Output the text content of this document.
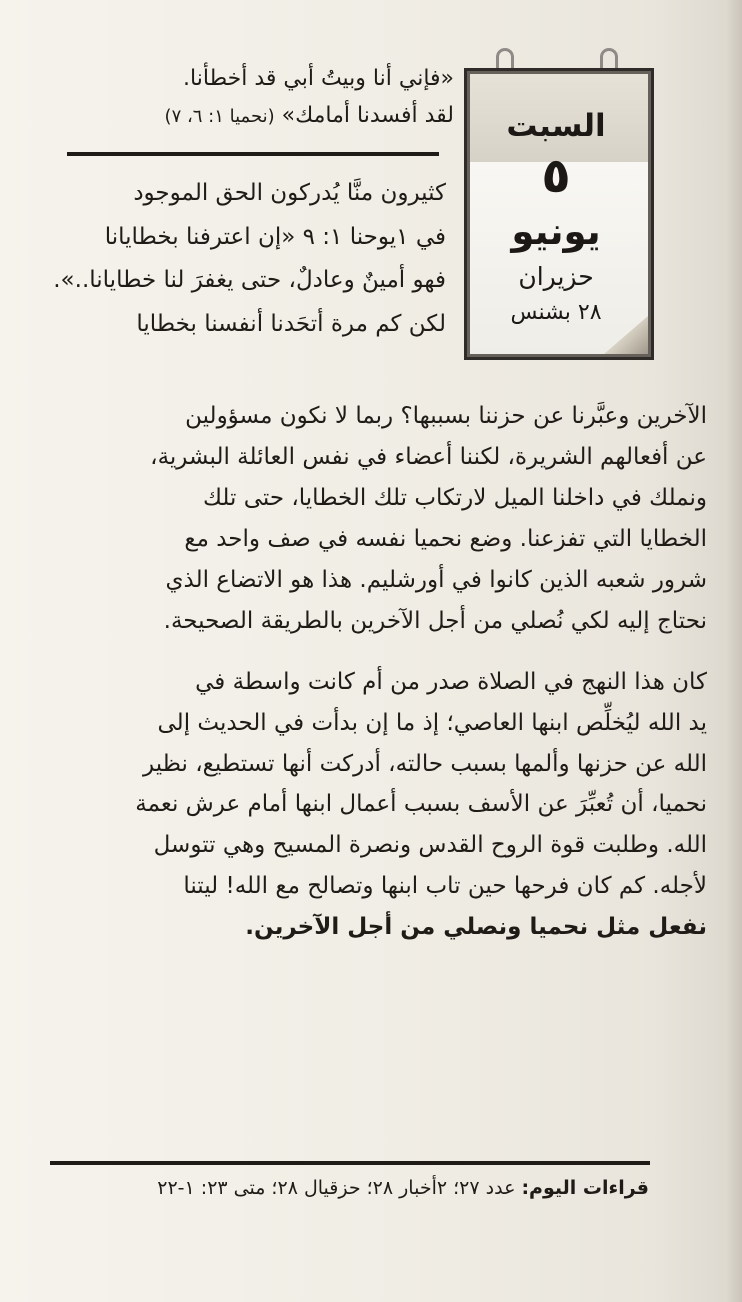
السبت
٥
يونيو
حزيران
٢٨ بشنس
«فإني أنا وبيتُ أبي قد أخطأنا.
لقد أفسدنا أمامك» (نحميا ١: ٦، ٧)

كثيرون منَّا يُدركون الحق الموجود

في ١يوحنا ١: ٩ «إن اعترفنا بخطايانا

فهو أمينٌ وعادلٌ، حتى يغفرَ لنا خطايانا..».

لكن كم مرة أتحَدنا أنفسنا بخطايا

الآخرين وعبَّرنا عن حزننا بسببها؟ ربما لا نكون مسؤولين

عن أفعالهم الشريرة، لكننا أعضاء في نفس العائلة البشرية،

ونملك في داخلنا الميل لارتكاب تلك الخطايا، حتى تلك

الخطايا التي تفزعنا. وضع نحميا نفسه في صف واحد مع

شرور شعبه الذين كانوا في أورشليم. هذا هو الاتضاع الذي

نحتاج إليه لكي نُصلي من أجل الآخرين بالطريقة الصحيحة.

كان هذا النهج في الصلاة صدر من أم كانت واسطة في

يد الله ليُخلِّص ابنها العاصي؛ إذ ما إن بدأت في الحديث إلى

الله عن حزنها وألمها بسبب حالته، أدركت أنها تستطيع، نظير

نحميا، أن تُعبِّرَ عن الأسف بسبب أعمال ابنها أمام عرش نعمة

الله. وطلبت قوة الروح القدس ونصرة المسيح وهي تتوسل

لأجله. كم كان فرحها حين تاب ابنها وتصالح مع الله! ليتنا

نفعل مثل نحميا ونصلي من أجل الآخرين.

قراءات اليوم: عدد ٢٧؛ ٢أخبار ٢٨؛ حزقيال ٢٨؛ متى ٢٣: ١-٢٢
